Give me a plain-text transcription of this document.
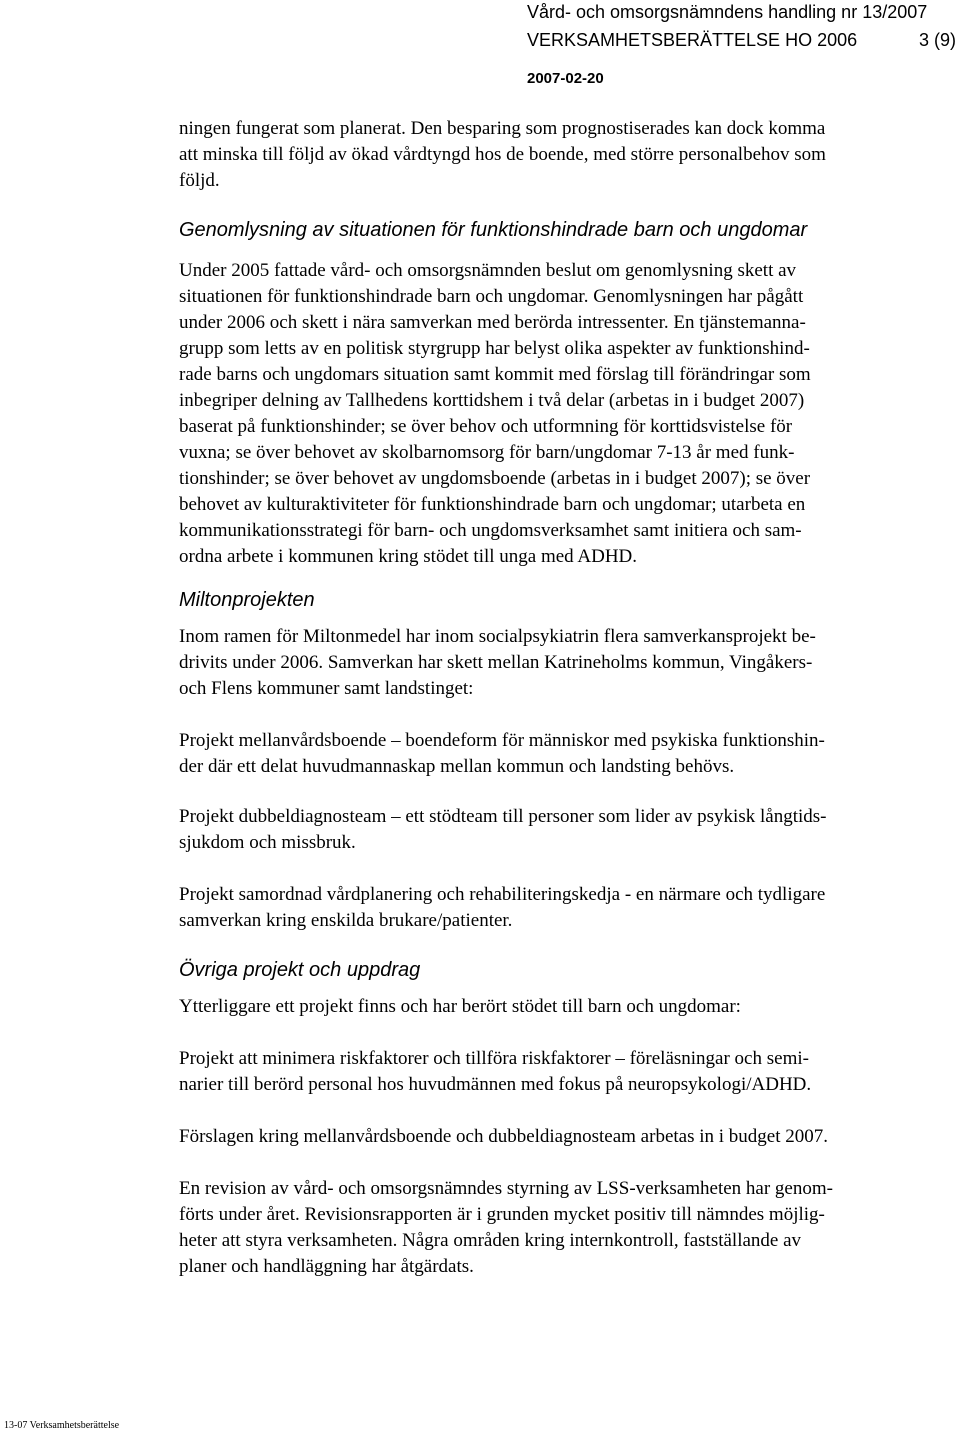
Vård- och omsorgsnämndens handling nr 13/2007
VERKSAMHETSBERÄTTELSE HO 2006	3 (9)
2007-02-20
ningen fungerat som planerat. Den besparing som prognostiserades kan dock komma
att minska till följd av ökad vårdtyngd hos de boende, med större personalbehov som
följd.
Genomlysning av situationen för funktionshindrade barn och ungdomar
Under 2005 fattade vård- och omsorgsnämnden beslut om genomlysning skett av
situationen för funktionshindrade barn och ungdomar. Genomlysningen har pågått
under 2006 och skett i nära samverkan med berörda intressenter. En tjänstemanna-
grupp som letts av en politisk styrgrupp har belyst olika aspekter av funktionshind-
rade barns och ungdomars situation samt kommit med förslag till förändringar som
inbegriper delning av Tallhedens korttidshem i två delar (arbetas in i budget 2007)
baserat på funktionshinder; se över behov och utformning för korttidsvistelse för
vuxna; se över behovet av skolbarnomsorg för barn/ungdomar 7-13 år med funk-
tionshinder; se över behovet av ungdomsboende (arbetas in i budget 2007); se över
behovet av kulturaktiviteter för funktionshindrade barn och ungdomar; utarbeta en
kommunikationsstrategi för barn- och ungdomsverksamhet samt initiera och sam-
ordna arbete i kommunen kring stödet till unga med ADHD.
Miltonprojekten
Inom ramen för Miltonmedel har inom socialpsykiatrin flera samverkansprojekt be-
drivits under 2006. Samverkan har skett mellan Katrineholms kommun, Vingåkers-
och Flens kommuner samt landstinget:
Projekt mellanvårdsboende – boendeform för människor med psykiska funktionshin-
der där ett delat huvudmannaskap mellan kommun och landsting behövs.
Projekt dubbeldiagnosteam – ett stödteam till personer som lider av psykisk långtids-
sjukdom och missbruk.
Projekt samordnad vårdplanering och rehabiliteringskedja - en närmare och tydligare
samverkan kring enskilda brukare/patienter.
Övriga projekt och uppdrag
Ytterliggare ett projekt finns och har berört stödet till barn och ungdomar:
Projekt att minimera riskfaktorer och tillföra riskfaktorer – föreläsningar och semi-
narier till berörd personal hos huvudmännen med fokus på neuropsykologi/ADHD.
Förslagen kring mellanvårdsboende och dubbeldiagnosteam arbetas in i budget 2007.
En revision av vård- och omsorgsnämndes styrning av LSS-verksamheten har genom-
förts under året. Revisionsrapporten är i grunden mycket positiv till nämndes möjlig-
heter att styra verksamheten. Några områden kring internkontroll, fastställande av
planer och handläggning har åtgärdats.
13-07 Verksamhetsberättelse
